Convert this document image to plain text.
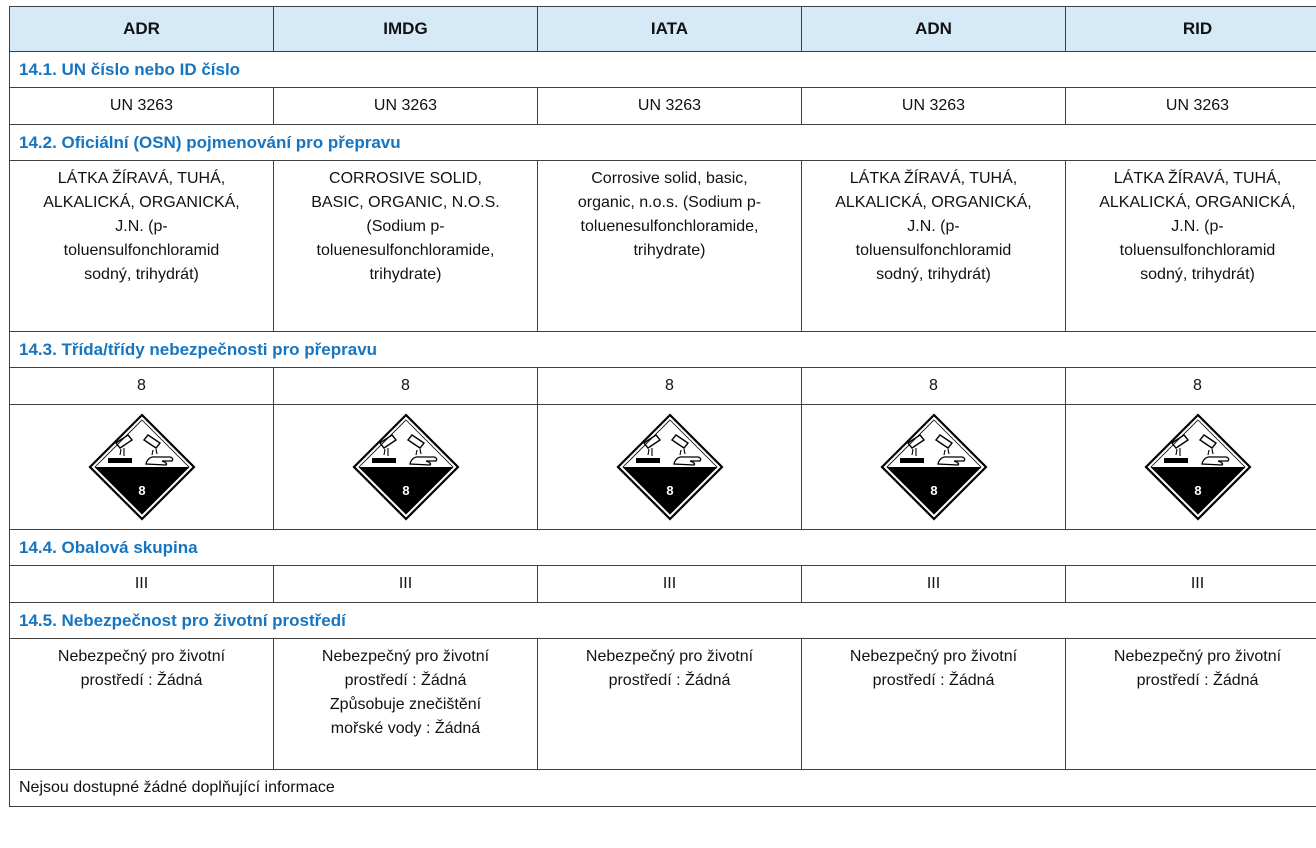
ADR	IMDG	IATA	ADN	RID
14.1. UN číslo nebo ID číslo				
UN 3263	UN 3263	UN 3263	UN 3263	UN 3263
14.2. Oficiální (OSN) pojmenování pro přepravu				

LÁTKA ŽÍRAVÁ, TUHÁ,
ALKALICKÁ, ORGANICKÁ,
J.N. (p-
toluensulfonchloramid
sodný, trihydrát)	CORROSIVE SOLID,
BASIC, ORGANIC, N.O.S.
(Sodium p-
toluenesulfonchloramide,
trihydrate)	Corrosive solid, basic,
organic, n.o.s. (Sodium p-
toluenesulfonchloramide,
trihydrate)	LÁTKA ŽÍRAVÁ, TUHÁ,
ALKALICKÁ, ORGANICKÁ,
J.N. (p-
toluensulfonchloramid
sodný, trihydrát)	LÁTKA ŽÍRAVÁ, TUHÁ,
ALKALICKÁ, ORGANICKÁ,
J.N. (p-
toluensulfonchloramid
sodný, trihydrát)

14.3. Třída/třídy nebezpečnosti pro přepravu				
8	8	8	8	8

8	8	8	8	8

14.4. Obalová skupina				
III	III	III	III	III
14.5. Nebezpečnost pro životní prostředí				

Nebezpečný pro životní
prostředí : Žádná	Nebezpečný pro životní
prostředí : Žádná
Způsobuje znečištění
mořské vody : Žádná	Nebezpečný pro životní
prostředí : Žádná	Nebezpečný pro životní
prostředí : Žádná	Nebezpečný pro životní
prostředí : Žádná

Nejsou dostupné žádné doplňující informace				
